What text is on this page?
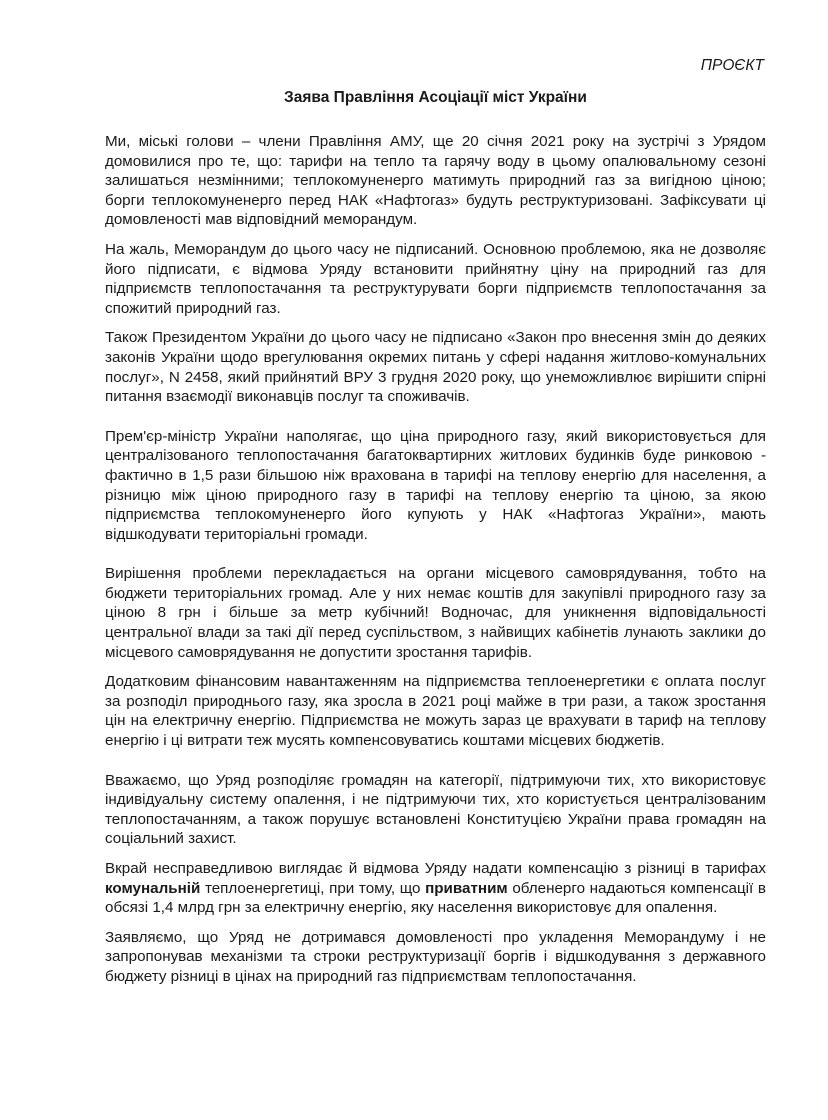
ПРОЄКТ
Заява Правління Асоціації міст України

Ми, міські голови – члени Правління АМУ, ще 20 січня 2021 року на зустрічі з Урядом домовилися про те, що: тарифи на тепло та гарячу воду в цьому опалювальному сезоні залишаться незмінними; теплокомуненерго матимуть природний газ за вигідною ціною; борги теплокомуненерго перед НАК «Нафтогаз» будуть реструктуризовані. Зафіксувати ці домовленості мав відповідний меморандум.

На жаль, Меморандум до цього часу не підписаний. Основною проблемою, яка не дозволяє його підписати, є відмова Уряду встановити прийнятну ціну на природний газ для підприємств теплопостачання та реструктурувати борги підприємств теплопостачання за спожитий природний газ.

Також Президентом України до цього часу не підписано «Закон про внесення змін до деяких законів України щодо врегулювання окремих питань у сфері надання житлово-комунальних послуг», N 2458, який прийнятий ВРУ 3 грудня 2020 року, що унеможливлює вирішити спірні питання взаємодії виконавців послуг та споживачів.

Прем'єр-міністр України наполягає, що ціна природного газу, який використовується для централізованого теплопостачання багатоквартирних житлових будинків буде ринковою - фактично в 1,5 рази більшою ніж врахована в тарифі на теплову енергію для населення, а різницю між ціною природного газу в тарифі на теплову енергію та ціною, за якою підприємства теплокомуненерго його купують у НАК «Нафтогаз України», мають відшкодувати територіальні громади.

Вирішення проблеми перекладається на органи місцевого самоврядування, тобто на бюджети територіальних громад. Але у них немає коштів для закупівлі природного газу за ціною 8 грн і більше за метр кубічний! Водночас, для уникнення відповідальності центральної влади за такі дії перед суспільством, з найвищих кабінетів лунають заклики до місцевого самоврядування не допустити зростання тарифів.

Додатковим фінансовим навантаженням на підприємства теплоенергетики є оплата послуг за розподіл природнього газу, яка зросла в 2021 році майже в три рази, а також зростання цін на електричну енергію. Підприємства не можуть зараз це врахувати в тариф на теплову енергію і ці витрати теж мусять компенсовуватись коштами місцевих бюджетів.

Вважаємо, що Уряд розподіляє громадян на категорії, підтримуючи тих, хто використовує індивідуальну систему опалення, і не підтримуючи тих, хто користується централізованим теплопостачанням, а також порушує встановлені Конституцією України права громадян на соціальний захист.

Вкрай несправедливою виглядає й відмова Уряду надати компенсацію з різниці в тарифах комунальній теплоенергетиці, при тому, що приватним обленерго надаються компенсації в обсязі 1,4 млрд грн за електричну енергію, яку населення використовує для опалення.

Заявляємо, що Уряд не дотримався домовленості про укладення Меморандуму і не запропонував механізми та строки реструктуризації боргів і відшкодування з державного бюджету різниці в цінах на природний газ підприємствам теплопостачання.
